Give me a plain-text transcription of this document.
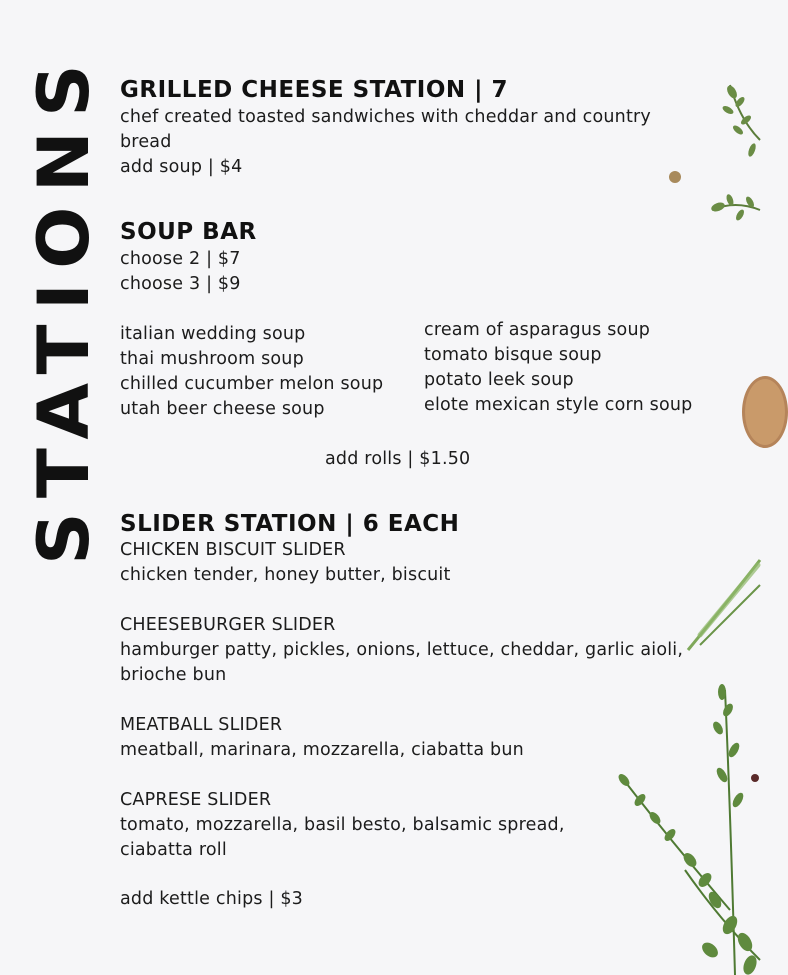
STATIONS GRILLED CHEESE STATION | 7
chef created toasted sandwiches with cheddar and country bread
add soup | $4
SOUP BAR
choose 2 | $7
choose 3 | $9
italian wedding soup
thai mushroom soup
chilled cucumber melon soup
utah beer cheese soup
cream of asparagus soup
tomato bisque soup
potato leek soup
elote mexican style corn soup
add rolls | $1.50
SLIDER STATION | 6 EACH
CHICKEN BISCUIT SLIDER
chicken tender, honey butter, biscuit
CHEESEBURGER SLIDER
hamburger patty, pickles, onions, lettuce, cheddar, garlic aioli, brioche bun
MEATBALL SLIDER
meatball, marinara, mozzarella, ciabatta bun
CAPRESE SLIDER
tomato, mozzarella, basil besto, balsamic spread, ciabatta roll
add kettle chips | $3
